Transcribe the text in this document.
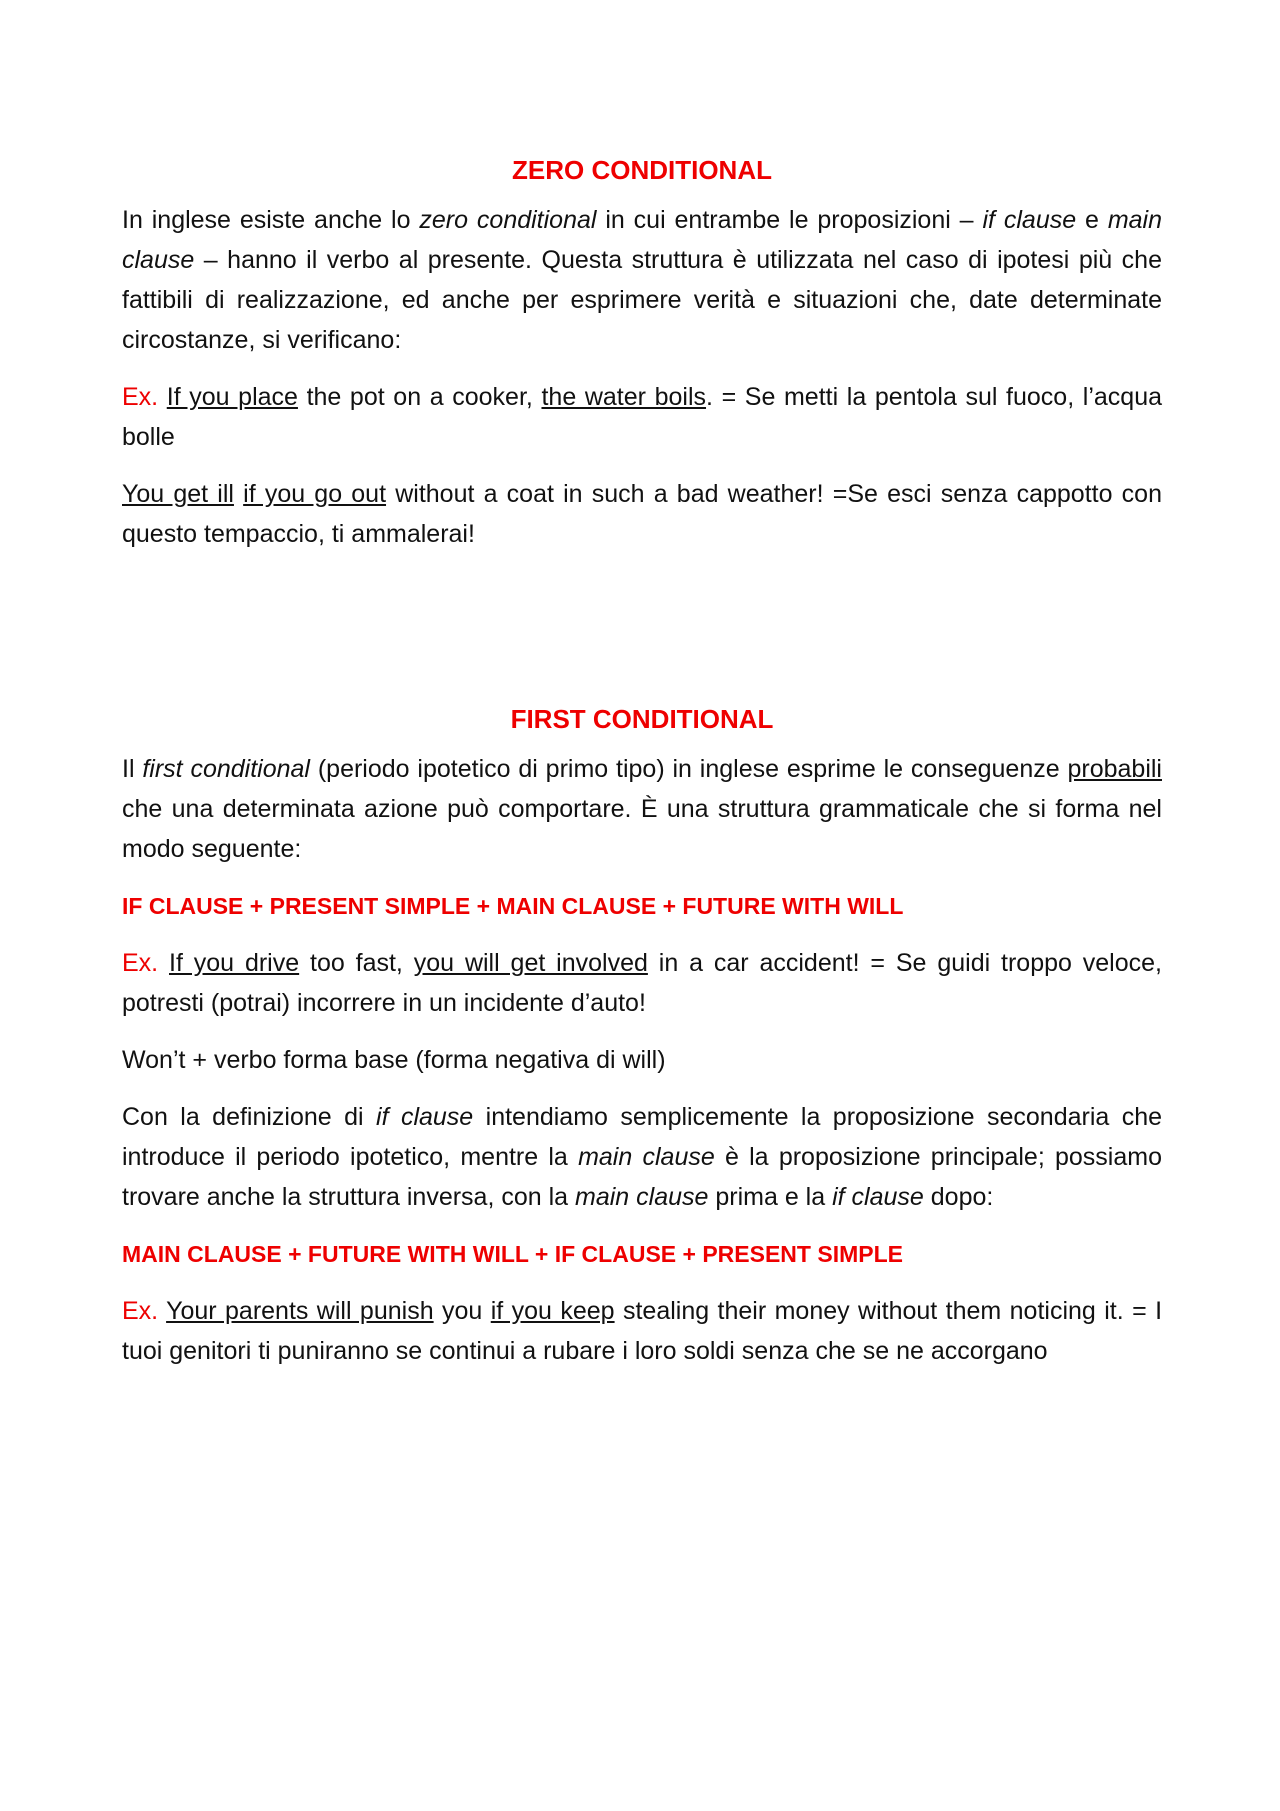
ZERO CONDITIONAL

In inglese esiste anche lo zero conditional in cui entrambe le proposizioni – if clause e main clause – hanno il verbo al presente. Questa struttura è utilizzata nel caso di ipotesi più che fattibili di realizzazione, ed anche per esprimere verità e situazioni che, date determinate circostanze, si verificano:

Ex. If you place the pot on a cooker, the water boils. = Se metti la pentola sul fuoco, l’acqua bolle

You get ill if you go out without a coat in such a bad weather! =Se esci senza cappotto con questo tempaccio, ti ammalerai!

FIRST CONDITIONAL

Il first conditional (periodo ipotetico di primo tipo) in inglese esprime le conseguenze probabili che una determinata azione può comportare. È una struttura grammaticale che si forma nel modo seguente:

IF CLAUSE + PRESENT SIMPLE + MAIN CLAUSE + FUTURE WITH WILL

Ex. If you drive too fast, you will get involved in a car accident! = Se guidi troppo veloce, potresti (potrai) incorrere in un incidente d’auto!

Won’t + verbo forma base (forma negativa di will)

Con la definizione di if clause intendiamo semplicemente la proposizione secondaria che introduce il periodo ipotetico, mentre la main clause è la proposizione principale; possiamo trovare anche la struttura inversa, con la main clause prima e la if clause dopo:

MAIN CLAUSE + FUTURE WITH WILL + IF CLAUSE + PRESENT SIMPLE

Ex. Your parents will punish you if you keep stealing their money without them noticing it. = I tuoi genitori ti puniranno se continui a rubare i loro soldi senza che se ne accorgano
